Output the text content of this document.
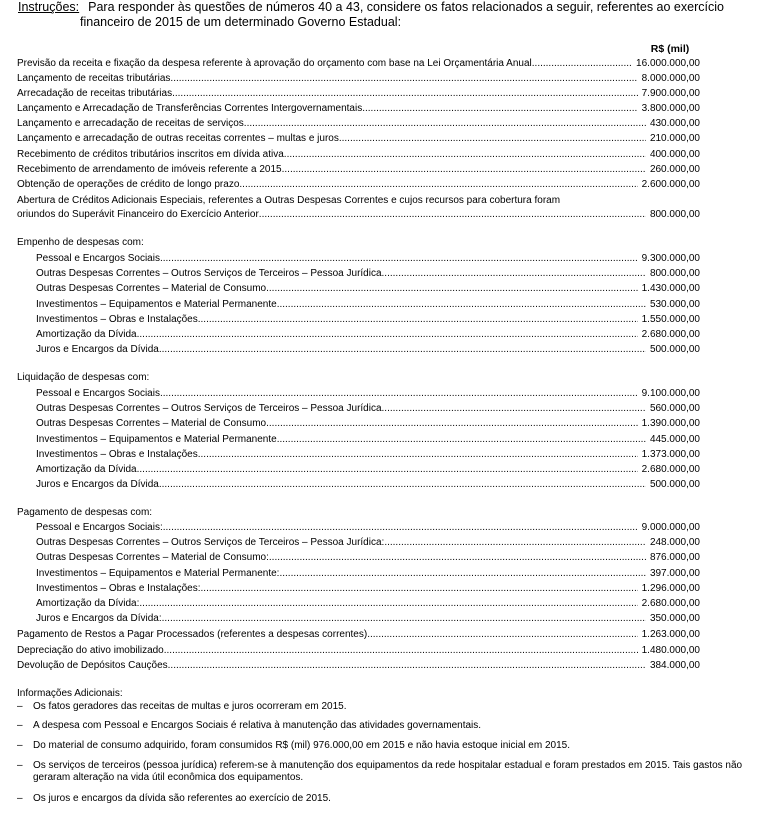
Instruções: Para responder às questões de números 40 a 43, considere os fatos relacionados a seguir, referentes ao exercício
financeiro de 2015 de um determinado Governo Estadual:
R$ (mil)
Previsão da receita e fixação da despesa referente à aprovação do orçamento com base na Lei Orçamentária Anual .....	16.000.000,00
Lançamento de receitas tributárias .....	8.000.000,00
Arrecadação de receitas tributárias .....	7.900.000,00
Lançamento e Arrecadação de Transferências Correntes Intergovernamentais .....	3.800.000,00
Lançamento e arrecadação de receitas de serviços .....	430.000,00
Lançamento e arrecadação de outras receitas correntes – multas e juros .....	210.000,00
Recebimento de créditos tributários inscritos em dívida ativa .....	400.000,00
Recebimento de arrendamento de imóveis referente a 2015 .....	260.000,00
Obtenção de operações de crédito de longo prazo .....	2.600.000,00
Abertura de Créditos Adicionais Especiais, referentes a Outras Despesas Correntes e cujos recursos para cobertura foram
oriundos do Superávit Financeiro do Exercício Anterior .....	800.000,00
Empenho de despesas com:
Pessoal e Encargos Sociais .....	9.300.000,00
Outras Despesas Correntes – Outros Serviços de Terceiros – Pessoa Jurídica .....	800.000,00
Outras Despesas Correntes – Material de Consumo .....	1.430.000,00
Investimentos – Equipamentos e Material Permanente .....	530.000,00
Investimentos – Obras e Instalações .....	1.550.000,00
Amortização da Dívida .....	2.680.000,00
Juros e Encargos da Dívida .....	500.000,00
Liquidação de despesas com:
Pessoal e Encargos Sociais .....	9.100.000,00
Outras Despesas Correntes – Outros Serviços de Terceiros – Pessoa Jurídica .....	560.000,00
Outras Despesas Correntes – Material de Consumo .....	1.390.000,00
Investimentos – Equipamentos e Material Permanente .....	445.000,00
Investimentos – Obras e Instalações .....	1.373.000,00
Amortização da Dívida .....	2.680.000,00
Juros e Encargos da Dívida .....	500.000,00
Pagamento de despesas com:
Pessoal e Encargos Sociais: .....	9.000.000,00
Outras Despesas Correntes – Outros Serviços de Terceiros – Pessoa Jurídica: .....	248.000,00
Outras Despesas Correntes – Material de Consumo: .....	876.000,00
Investimentos – Equipamentos e Material Permanente: .....	397.000,00
Investimentos – Obras e Instalações: .....	1.296.000,00
Amortização da Dívida: .....	2.680.000,00
Juros e Encargos da Dívida: .....	350.000,00
Pagamento de Restos a Pagar Processados (referentes a despesas correntes) .....	1.263.000,00
Depreciação do ativo imobilizado .....	1.480.000,00
Devolução de Depósitos Cauções .....	384.000,00
Informações Adicionais:
–	Os fatos geradores das receitas de multas e juros ocorreram em 2015.
–	A despesa com Pessoal e Encargos Sociais é relativa à manutenção das atividades governamentais.
–	Do material de consumo adquirido, foram consumidos R$ (mil) 976.000,00 em 2015 e não havia estoque inicial em 2015.
–	Os serviços de terceiros (pessoa jurídica) referem-se à manutenção dos equipamentos da rede hospitalar estadual e foram prestados em 2015. Tais gastos não geraram alteração na vida útil econômica dos equipamentos.
–	Os juros e encargos da dívida são referentes ao exercício de 2015.
